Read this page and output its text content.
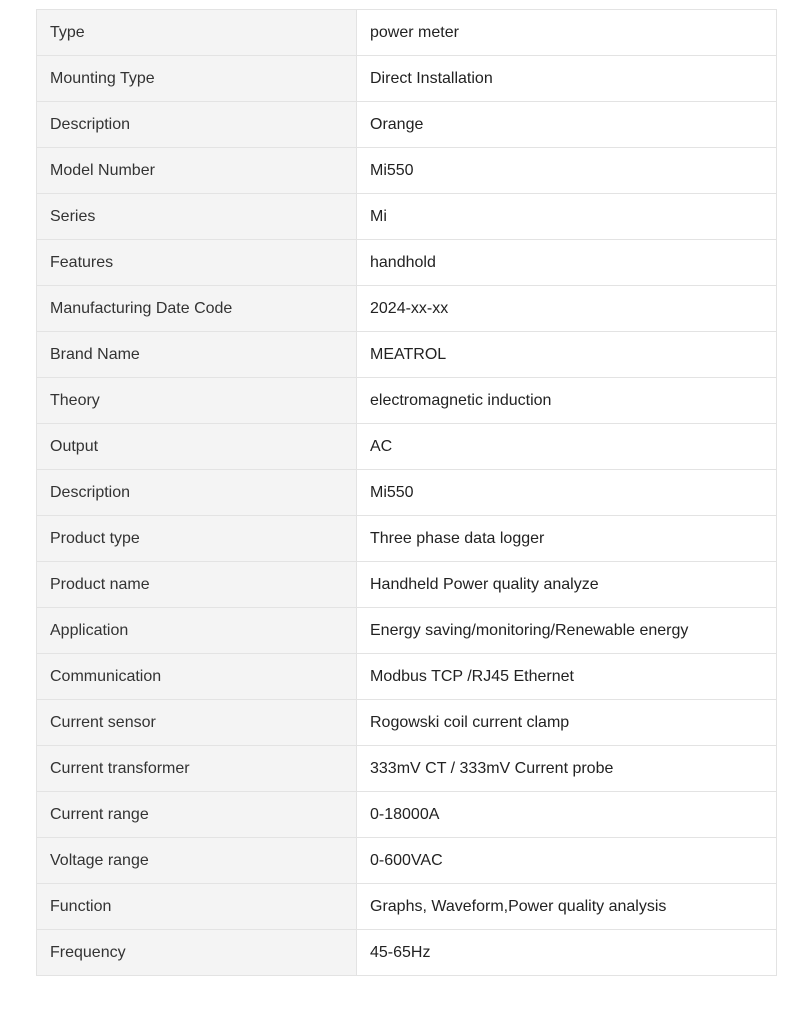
Type	power meter
Mounting Type	Direct Installation
Description	Orange
Model Number	Mi550
Series	Mi
Features	handhold
Manufacturing Date Code	2024-xx-xx
Brand Name	MEATROL
Theory	electromagnetic induction
Output	AC
Description	Mi550
Product type	Three phase data logger
Product name	Handheld Power quality analyze
Application	Energy saving/monitoring/Renewable energy
Communication	Modbus TCP /RJ45 Ethernet
Current sensor	Rogowski coil current clamp
Current transformer	333mV CT / 333mV Current probe
Current range	0-18000A
Voltage range	0-600VAC
Function	Graphs, Waveform,Power quality analysis
Frequency	45-65Hz
